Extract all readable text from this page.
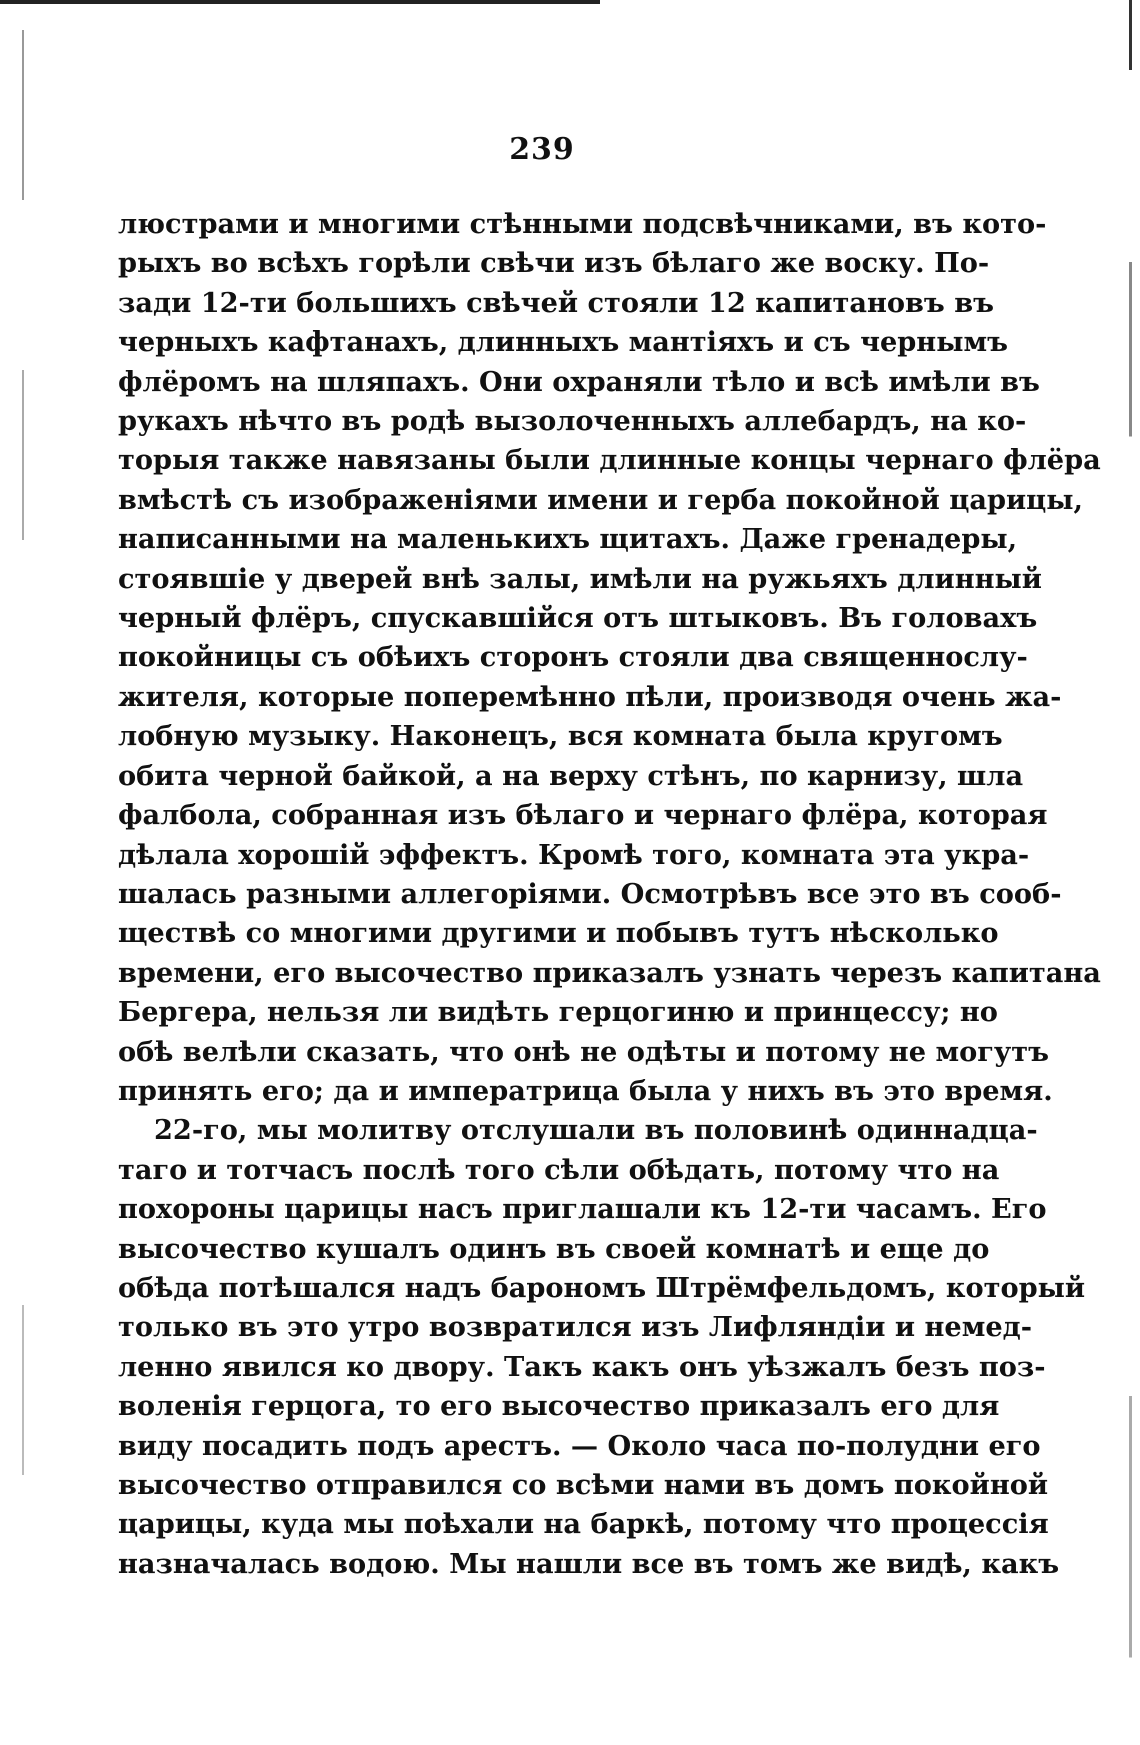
239

люстрами и многими стѣнными подсвѣчниками, въ кото-
рыхъ во всѣхъ горѣли свѣчи изъ бѣлаго же воску. По-
зади 12-ти большихъ свѣчей стояли 12 капитановъ въ
черныхъ кафтанахъ, длинныхъ мантіяхъ и съ чернымъ
флёромъ на шляпахъ. Они охраняли тѣло и всѣ имѣли въ
рукахъ нѣчто въ родѣ вызолоченныхъ аллебардъ, на ко-
торыя также навязаны были длинные концы чернаго флёра
вмѣстѣ съ изображеніями имени и герба покойной царицы,
написанными на маленькихъ щитахъ. Даже гренадеры,
стоявшіе у дверей внѣ залы, имѣли на ружьяхъ длинный
черный флёръ, спускавшійся отъ штыковъ. Въ головахъ
покойницы съ обѣихъ сторонъ стояли два священнослу-
жителя, которые поперемѣнно пѣли, производя очень жа-
лобную музыку. Наконецъ, вся комната была кругомъ
обита черной байкой, а на верху стѣнъ, по карнизу, шла
фалбола, собранная изъ бѣлаго и чернаго флёра, которая
дѣлала хорошій эффектъ. Кромѣ того, комната эта укра-
шалась разными аллегоріями. Осмотрѣвъ все это въ сооб-
ществѣ со многими другими и побывъ тутъ нѣсколько
времени, его высочество приказалъ узнать черезъ капитана
Бергера, нельзя ли видѣть герцогиню и принцессу; но
обѣ велѣли сказать, что онѣ не одѣты и потому не могутъ
принять его; да и императрица была у нихъ въ это время.

22-го, мы молитву отслушали въ половинѣ одиннадца-
таго и тотчасъ послѣ того сѣли обѣдать, потому что на
похороны царицы насъ приглашали къ 12-ти часамъ. Его
высочество кушалъ одинъ въ своей комнатѣ и еще до
обѣда потѣшался надъ барономъ Штрёмфельдомъ, который
только въ это утро возвратился изъ Лифляндіи и немед-
ленно явился ко двору. Такъ какъ онъ уѣзжалъ безъ поз-
воленія герцога, то его высочество приказалъ его для
виду посадить подъ арестъ. — Около часа по-полудни его
высочество отправился со всѣми нами въ домъ покойной
царицы, куда мы поѣхали на баркѣ, потому что процессія
назначалась водою. Мы нашли все въ томъ же видѣ, какъ
